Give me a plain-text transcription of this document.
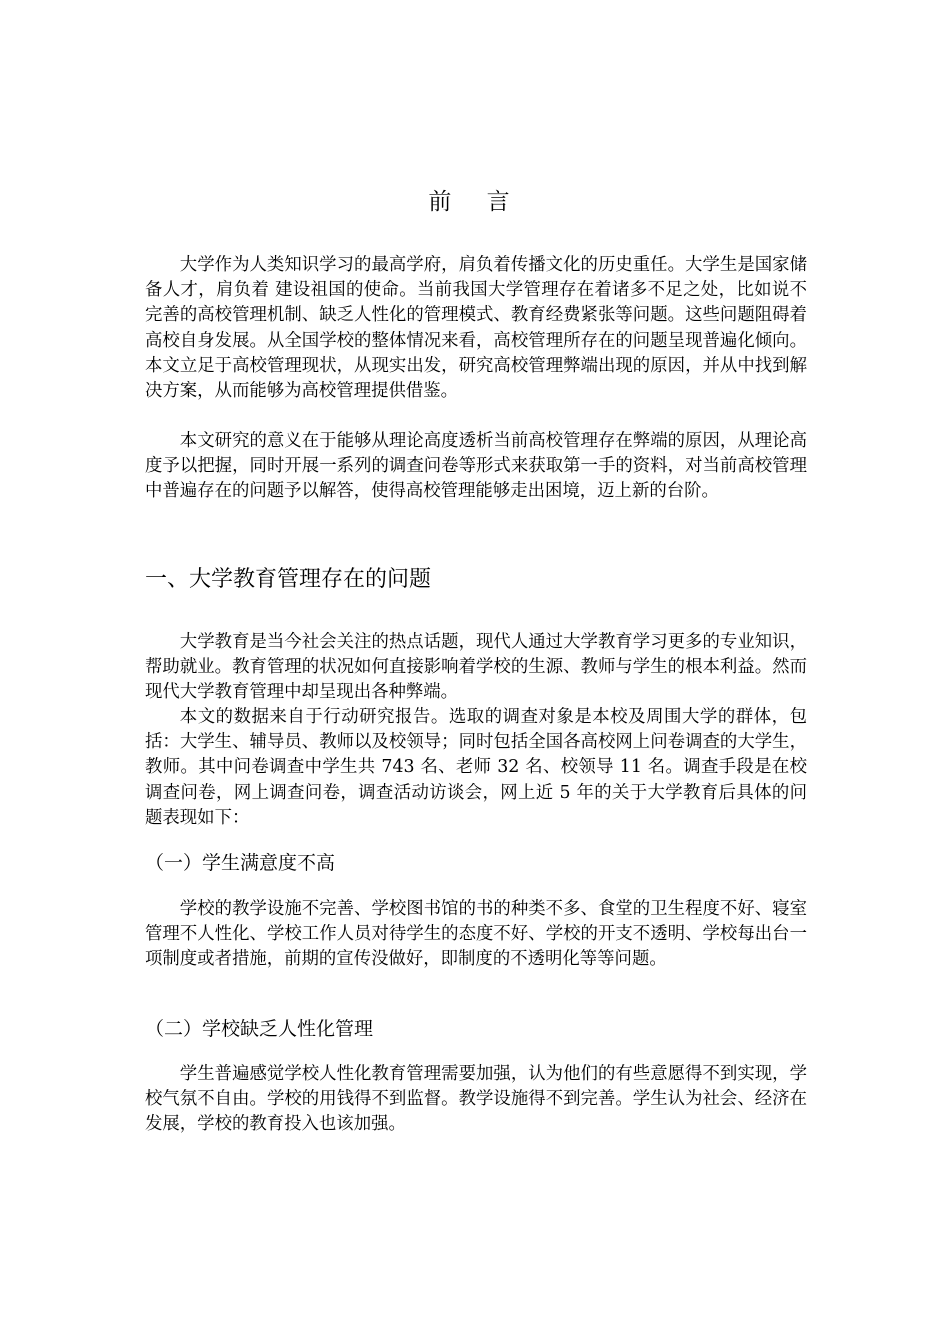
前 言

大学作为人类知识学习的最高学府，肩负着传播文化的历史重任。大学生是国家储备人才，肩负着 建设祖国的使命。当前我国大学管理存在着诸多不足之处，比如说不完善的高校管理机制、缺乏人性化的管理模式、教育经费紧张等问题。这些问题阻碍着高校自身发展。从全国学校的整体情况来看，高校管理所存在的问题呈现普遍化倾向。本文立足于高校管理现状，从现实出发，研究高校管理弊端出现的原因，并从中找到解决方案，从而能够为高校管理提供借鉴。

本文研究的意义在于能够从理论高度透析当前高校管理存在弊端的原因，从理论高度予以把握，同时开展一系列的调查问卷等形式来获取第一手的资料，对当前高校管理中普遍存在的问题予以解答，使得高校管理能够走出困境，迈上新的台阶。

一、大学教育管理存在的问题

大学教育是当今社会关注的热点话题，现代人通过大学教育学习更多的专业知识，帮助就业。教育管理的状况如何直接影响着学校的生源、教师与学生的根本利益。然而现代大学教育管理中却呈现出各种弊端。

本文的数据来自于行动研究报告。选取的调查对象是本校及周围大学的群体，包括：大学生、辅导员、教师以及校领导；同时包括全国各高校网上问卷调查的大学生，教师。其中问卷调查中学生共 743 名、老师 32 名、校领导 11 名。调查手段是在校调查问卷，网上调查问卷，调查活动访谈会，网上近 5 年的关于大学教育后具体的问题表现如下：

（一）学生满意度不高

学校的教学设施不完善、学校图书馆的书的种类不多、食堂的卫生程度不好、寝室管理不人性化、学校工作人员对待学生的态度不好、学校的开支不透明、学校每出台一项制度或者措施，前期的宣传没做好，即制度的不透明化等等问题。

（二）学校缺乏人性化管理

学生普遍感觉学校人性化教育管理需要加强，认为他们的有些意愿得不到实现，学校气氛不自由。学校的用钱得不到监督。教学设施得不到完善。学生认为社会、经济在发展，学校的教育投入也该加强。
